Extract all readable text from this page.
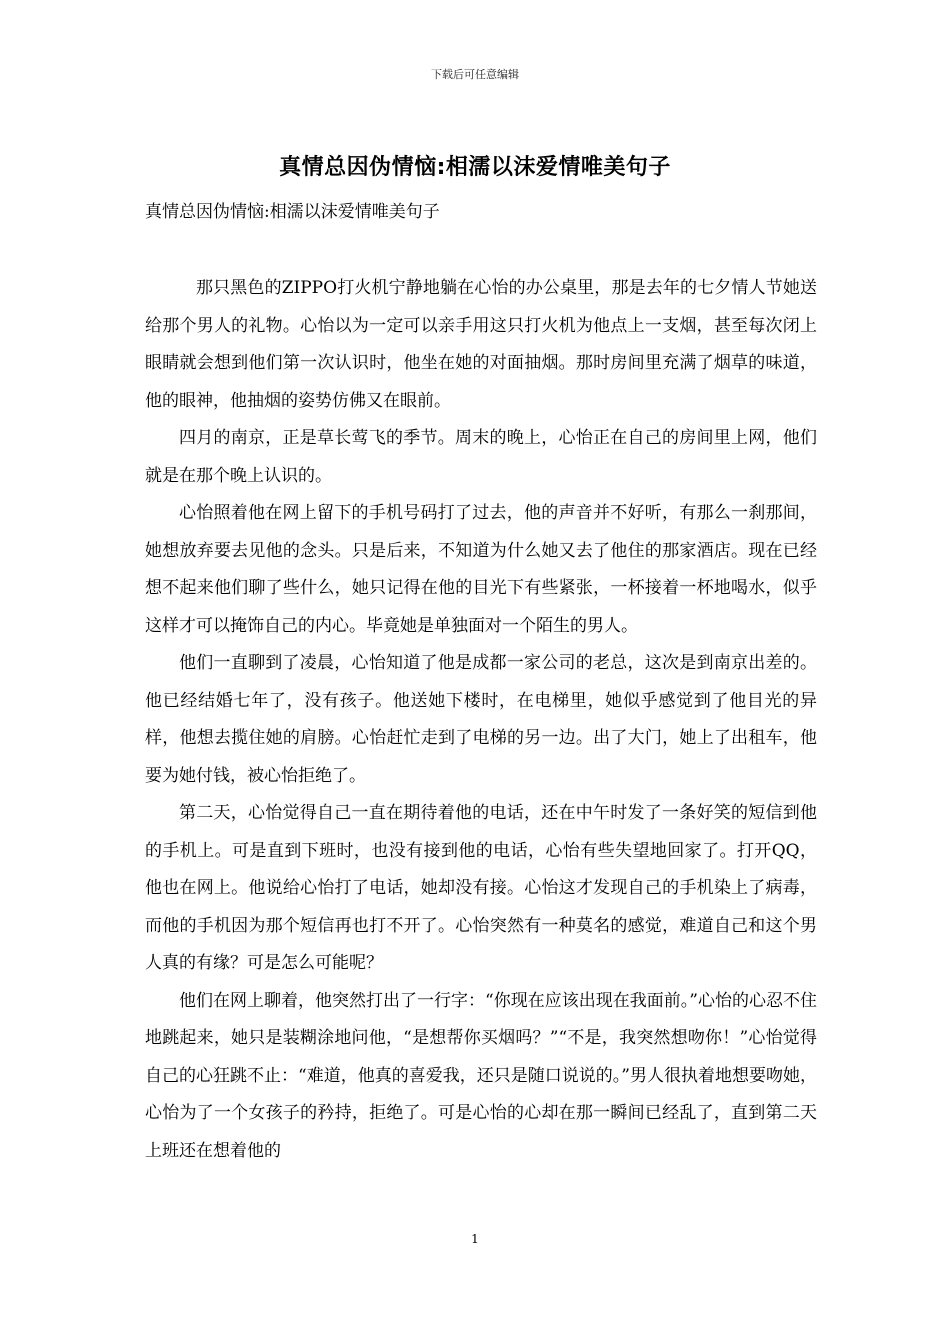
下载后可任意编辑
真情总因伪情恼:相濡以沫爱情唯美句子
真情总因伪情恼:相濡以沫爱情唯美句子

那只黑色的ZIPPO打火机宁静地躺在心怡的办公桌里，那是去年的七夕情人节她送给那个男人的礼物。心怡以为一定可以亲手用这只打火机为他点上一支烟，甚至每次闭上眼睛就会想到他们第一次认识时，他坐在她的对面抽烟。那时房间里充满了烟草的味道，他的眼神，他抽烟的姿势仿佛又在眼前。

四月的南京，正是草长莺飞的季节。周末的晚上，心怡正在自己的房间里上网，他们就是在那个晚上认识的。

心怡照着他在网上留下的手机号码打了过去，他的声音并不好听，有那么一刹那间，她想放弃要去见他的念头。只是后来，不知道为什么她又去了他住的那家酒店。现在已经想不起来他们聊了些什么，她只记得在他的目光下有些紧张，一杯接着一杯地喝水，似乎这样才可以掩饰自己的内心。毕竟她是单独面对一个陌生的男人。

他们一直聊到了凌晨，心怡知道了他是成都一家公司的老总，这次是到南京出差的。他已经结婚七年了，没有孩子。他送她下楼时，在电梯里，她似乎感觉到了他目光的异样，他想去揽住她的肩膀。心怡赶忙走到了电梯的另一边。出了大门，她上了出租车，他要为她付钱，被心怡拒绝了。

第二天，心怡觉得自己一直在期待着他的电话，还在中午时发了一条好笑的短信到他的手机上。可是直到下班时，也没有接到他的电话，心怡有些失望地回家了。打开QQ，他也在网上。他说给心怡打了电话，她却没有接。心怡这才发现自己的手机染上了病毒，而他的手机因为那个短信再也打不开了。心怡突然有一种莫名的感觉，难道自己和这个男人真的有缘？可是怎么可能呢？

他们在网上聊着，他突然打出了一行字：“你现在应该出现在我面前。”心怡的心忍不住地跳起来，她只是装糊涂地问他，“是想帮你买烟吗？”“不是，我突然想吻你！”心怡觉得自己的心狂跳不止：“难道，他真的喜爱我，还只是随口说说的。”男人很执着地想要吻她，心怡为了一个女孩子的矜持，拒绝了。可是心怡的心却在那一瞬间已经乱了，直到第二天上班还在想着他的

1
